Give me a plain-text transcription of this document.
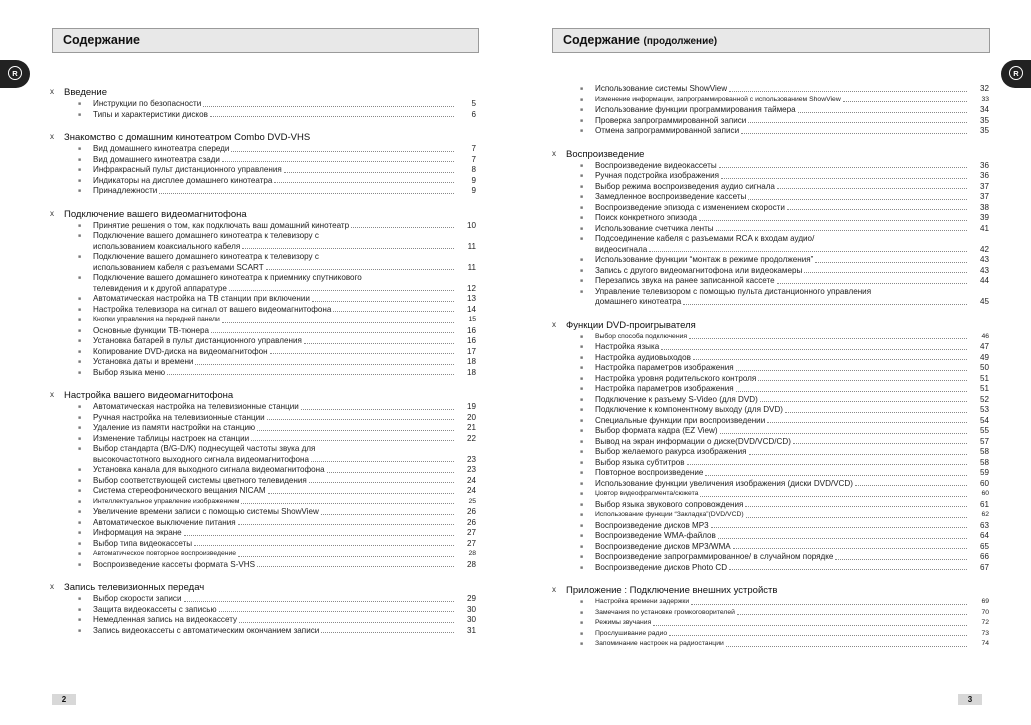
Содержание
x Введение
■ Инструкции по безопасности	5
■ Типы и характеристики дисков	6
x Знакомство с домашним кинотеатром Combo DVD-VHS
■ Вид домашнего кинотеатра спереди	7
■ Вид домашнего кинотеатра сзади	7
■ Инфракрасный пульт дистанционного управления	8
■ Индикаторы на дисплее домашнего кинотеатра	9
■ Принадлежности	9
x Подключение вашего видеомагнитофона
■ Принятие решения о том, как подключать ваш домашний кинотеатр	10
■ Подключение вашего домашнего кинотеатра к телевизору с
использованием коаксиального кабеля	11
■ Подключение вашего домашнего кинотеатра к телевизору с
использованием кабеля с разъемами SCART	11
■ Подключение вашего домашнего кинотеатра к приемнику спутникового
телевидения и к другой аппаратуре	12
■ Автоматическая настройка на ТВ станции при включении	13
■ Настройка телевизора на сигнал от вашего видеомагнитофона	14
■ Кнопки управления на передней панели	15
■ Основные функции ТВ-тюнера	16
■ Установка батарей в пульт дистанционного управления	16
■ Копирование DVD-диска на видеомагнитофон	17
■ Установка даты и времени	18
■ Выбор языка меню	18
x Настройка вашего видеомагнитофона
■ Автоматическая настройка на телевизионные станции	19
■ Ручная настройка на телевизионные станции	20
■ Удаление из памяти настройки на станцию	21
■ Изменение таблицы настроек на станции	22
■ Выбор стандарта (B/G-D/K) поднесущей частоты звука для
высокочастотного выходного сигнала видеомагнитофона	23
■ Установка канала для выходного сигнала видеомагнитофона	23
■ Выбор соответствующей системы цветного телевидения	24
■ Система стереофонического вещания NICAM	24
■ Интеллектуальное управление изображением	25
■ Увеличение времени записи с помощью системы ShowView	26
■ Автоматическое выключение питания	26
■ Информация на экране	27
■ Выбор типа видеокассеты	27
■ Автоматическое повторное воспроизведение	28
■ Воспроизведение кассеты формата S-VHS	28
x Запись телевизионных передач
■ Выбор скорости записи	29
■ Защита видеокассеты с записью	30
■ Немедленная запись на видеокассету	30
■ Запись видеокассеты с автоматическим окончанием записи	31
2
Содержание (продолжение)
■ Использование системы ShowView	32
■ Изменение информации, запрограммированной с использованием ShowView	33
■ Использование функции программирования таймера	34
■ Проверка запрограммированной записи	35
■ Отмена запрограммированной записи	35
x Воспроизведение
■ Воспроизведение видеокассеты	36
■ Ручная подстройка изображения	36
■ Выбор режима воспроизведения аудио сигнала	37
■ Замедленное воспроизведение кассеты	37
■ Воспроизведение эпизода с изменением скорости	38
■ Поиск конкретного эпизода	39
■ Использование счетчика ленты	41
■ Подсоединение кабеля с разъемами RCA к входам аудио/
видеосигнала	42
■ Использование функции “монтаж в режиме продолжения”	43
■ Запись с другого видеомагнитофона или видеокамеры	43
■ Перезапись звука на ранее записанной кассете	44
■ Управление телевизором с помощью пульта дистанционного управления
домашнего кинотеатра	45
x Функции DVD-проигрывателя
■ Выбор способа подключения	46
■ Настройка языка	47
■ Настройка аудиовыходов	49
■ Настройка параметров изображения	50
■ Настройка уровня родительского контроля	51
■ Настройка параметров изображения	51
■ Подключение к разъему S-Video (для DVD)	52
■ Подключение к компонентному выходу (для DVD)	53
■ Специальные функции при воспроизведении	54
■ Выбор формата кадра (EZ View)	55
■ Вывод на экран информации о диске(DVD/VCD/CD)	57
■ Выбор желаемого ракурса изображения	58
■ Выбор языка субтитров	58
■ Повторное воспроизведение	59
■ Использование функции увеличения изображения (диски DVD/VCD)	60
■ Џовтор видеофрагмента/сюжета	60
■ Выбор языка звукового сопровождения	61
■ Использование функции “Закладка”(DVD/VCD)	62
■ Воспроизведение дисков MP3	63
■ Воспроизведение WMA-файлов	64
■ Воспроизведение дисков MP3/WMA	65
■ Воспроизведение запрограммированное/ в случайном порядке	66
■ Воспроизведение дисков Photo CD	67
x Приложение : Подключение внешних устройств
■ Настройка времени задержки	69
■ Замечания по установке громкоговорителей	70
■ Режимы звучания	72
■ Прослушивание радио	73
■ Запоминание настроек на радиостанции	74
3
R	R
